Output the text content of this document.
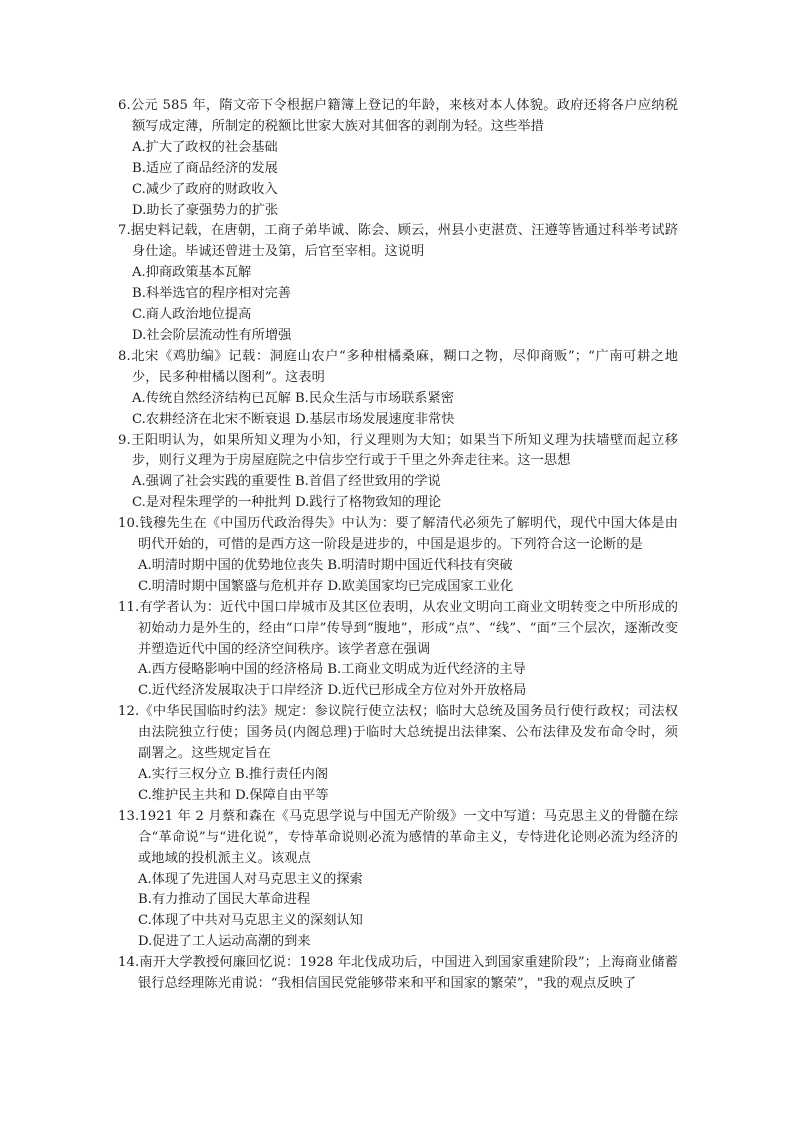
6.公元 585 年，隋文帝下令根据户籍簿上登记的年龄，来核对本人体貌。政府还将各户应纳税额写成定薄，所制定的税额比世家大族对其佃客的剥削为轻。这些举措
A.扩大了政权的社会基础
B.适应了商品经济的发展
C.减少了政府的财政收入
D.助长了豪强势力的扩张
7.据史料记载，在唐朝，工商子弟毕诚、陈会、顾云，州县小吏湛贲、汪遵等皆通过科举考试跻身仕途。毕诚还曾进士及第，后官至宰相。这说明
A.抑商政策基本瓦解
B.科举选官的程序相对完善
C.商人政治地位提高
D.社会阶层流动性有所增强
8.北宋《鸡肋编》记载：洞庭山农户“多种柑橘桑麻，糊口之物，尽仰商贩”；“广南可耕之地少，民多种柑橘以图利”。这表明
A.传统自然经济结构已瓦解 B.民众生活与市场联系紧密
C.农耕经济在北宋不断衰退 D.基层市场发展速度非常快
9.王阳明认为，如果所知义理为小知，行义理则为大知；如果当下所知义理为扶墙壁而起立移步，则行义理为于房屋庭院之中信步空行或于千里之外奔走往来。这一思想
A.强调了社会实践的重要性 B.首倡了经世致用的学说
C.是对程朱理学的一种批判 D.践行了格物致知的理论
10.钱穆先生在《中国历代政治得失》中认为：要了解清代必须先了解明代，现代中国大体是由明代开始的，可惜的是西方这一阶段是进步的，中国是退步的。下列符合这一论断的是
A.明清时期中国的优势地位丧失 B.明清时期中国近代科技有突破
C.明清时期中国繁盛与危机并存 D.欧美国家均已完成国家工业化
11.有学者认为：近代中国口岸城市及其区位表明，从农业文明向工商业文明转变之中所形成的初始动力是外生的，经由“口岸”传导到“腹地”，形成“点”、“线”、“面”三个层次，逐渐改变并塑造近代中国的经济空间秩序。该学者意在强调
A.西方侵略影响中国的经济格局 B.工商业文明成为近代经济的主导
C.近代经济发展取决于口岸经济 D.近代已形成全方位对外开放格局
12.《中华民国临时约法》规定：参议院行使立法权；临时大总统及国务员行使行政权；司法权由法院独立行使；国务员(内阁总理)于临时大总统提出法律案、公布法律及发布命令时，须副署之。这些规定旨在
A.实行三权分立 B.推行责任内阁
C.维护民主共和 D.保障自由平等
13.1921 年 2 月蔡和森在《马克思学说与中国无产阶级》一文中写道：马克思主义的骨髓在综合“革命说”与“进化说”，专恃革命说则必流为感情的革命主义，专恃进化论则必流为经济的或地域的投机派主义。该观点
A.体现了先进国人对马克思主义的探索
B.有力推动了国民大革命进程
C.体现了中共对马克思主义的深刻认知
D.促进了工人运动高潮的到来
14.南开大学教授何廉回忆说：1928 年北伐成功后，中国进入到国家重建阶段”；上海商业储蓄银行总经理陈光甫说：“我相信国民党能够带来和平和国家的繁荣”，"我的观点反映了
